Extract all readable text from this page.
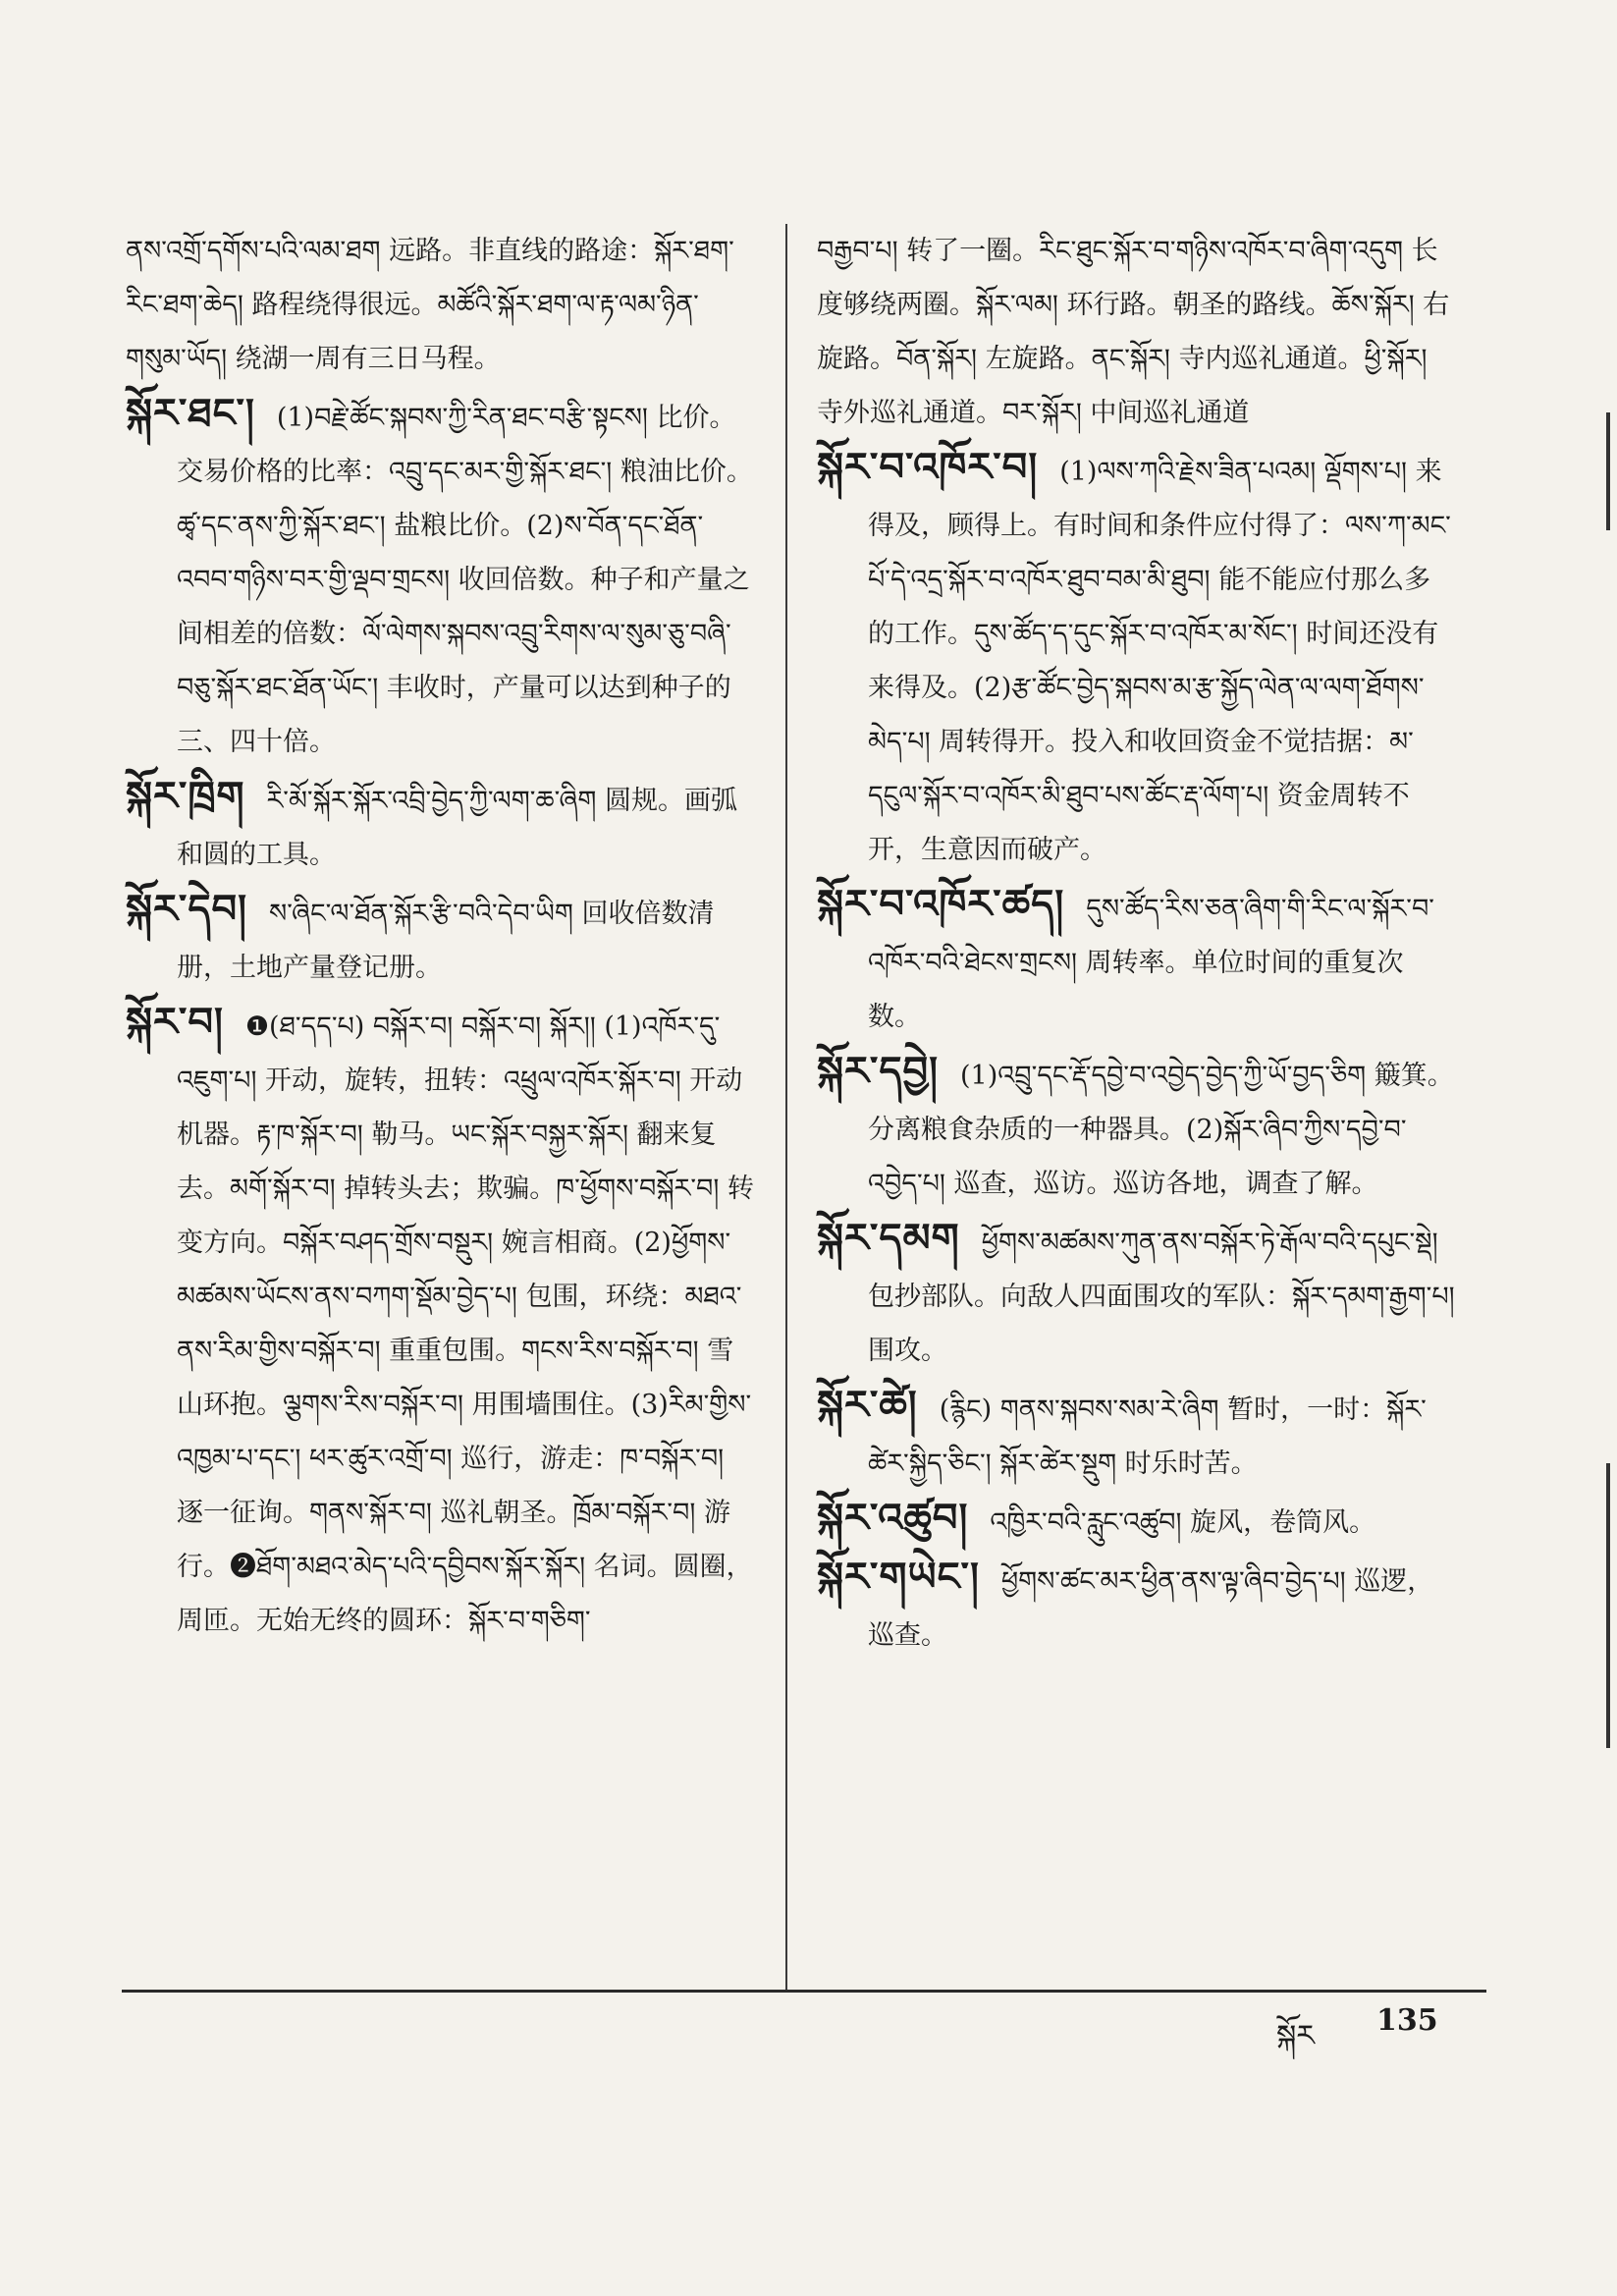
ནས་འགྲོ་དགོས་པའི་ལམ་ཐག 远路。非直线的路途：སྐོར་ཐག་རིང་ཐག་ཆེད། 路程绕得很远。མཚོའི་སྐོར་ཐག་ལ་རྟ་ལམ་ཉིན་གསུམ་ཡོད། 绕湖一周有三日马程。

སྐོར་ཐང་། (1)བརྗེ་ཚོང་སྐབས་ཀྱི་རིན་ཐང་བརྩི་སྟངས། 比价。交易价格的比率：འབྲུ་དང་མར་གྱི་སྐོར་ཐང་། 粮油比价。ཚྭ་དང་ནས་ཀྱི་སྐོར་ཐང་། 盐粮比价。(2)ས་བོན་དང་ཐོན་འབབ་གཉིས་བར་གྱི་ལྡབ་གྲངས། 收回倍数。种子和产量之间相差的倍数：ལོ་ལེགས་སྐབས་འབྲུ་རིགས་ལ་སུམ་ཅུ་བཞི་བཅུ་སྐོར་ཐང་ཐོན་ཡོང་། 丰收时，产量可以达到种子的三、四十倍。

སྐོར་ཁྲིག རི་མོ་སྐོར་སྐོར་འབྲི་བྱེད་ཀྱི་ལག་ཆ་ཞིག 圆规。画弧和圆的工具。

སྐོར་དེབ། ས་ཞིང་ལ་ཐོན་སྐོར་རྩི་བའི་དེབ་ཡིག 回收倍数清册，土地产量登记册。

སྐོར་བ། ❶(ཐ་དད་པ) བསྐོར་བ། བསྐོར་བ། སྐོར།། (1)འཁོར་དུ་འཇུག་པ། 开动，旋转，扭转：འཕྲུལ་འཁོར་སྐོར་བ། 开动机器。རྟ་ཁ་སྐོར་བ། 勒马。ཡང་སྐོར་བསྐྱར་སྐོར། 翻来复去。མགོ་སྐོར་བ། 掉转头去；欺骗。ཁ་ཕྱོགས་བསྐོར་བ། 转变方向。བསྐོར་བཤད་གྲོས་བསྡུར། 婉言相商。(2)ཕྱོགས་མཚམས་ཡོངས་ནས་བཀག་སྡོམ་བྱེད་པ། 包围，环绕：མཐའ་ནས་རིམ་གྱིས་བསྐོར་བ། 重重包围。གངས་རིས་བསྐོར་བ། 雪山环抱。ལྕགས་རིས་བསྐོར་བ། 用围墙围住。(3)རིམ་གྱིས་འཁྱམ་པ་དང་། ཕར་ཚུར་འགྲོ་བ། 巡行，游走：ཁ་བསྐོར་བ། 逐一征询。གནས་སྐོར་བ། 巡礼朝圣。ཁྲོམ་བསྐོར་བ། 游行。❷ཐོག་མཐའ་མེད་པའི་དབྱིབས་སྐོར་སྐོར། 名词。圆圈，周匝。无始无终的圆环：སྐོར་བ་གཅིག་

བརྒྱབ་པ། 转了一圈。རིང་ཐུང་སྐོར་བ་གཉིས་འཁོར་བ་ཞིག་འདུག 长度够绕两圈。སྐོར་ལམ། 环行路。朝圣的路线。ཆོས་སྐོར། 右旋路。བོན་སྐོར། 左旋路。ནང་སྐོར། 寺内巡礼通道。ཕྱི་སྐོར། 寺外巡礼通道。བར་སྐོར། 中间巡礼通道

སྐོར་བ་འཁོར་བ། (1)ལས་ཀའི་རྗེས་ཟིན་པའམ། ལྡོགས་པ། 来得及，顾得上。有时间和条件应付得了：ལས་ཀ་མང་པོ་དེ་འདྲ་སྐོར་བ་འཁོར་ཐུབ་བམ་མི་ཐུབ། 能不能应付那么多的工作。དུས་ཚོད་ད་དུང་སྐོར་བ་འཁོར་མ་སོང་། 时间还没有来得及。(2)རྩ་ཚོང་བྱེད་སྐབས་མ་རྩ་སྐྱོད་ལེན་ལ་ལག་ཐོགས་མེད་པ། 周转得开。投入和收回资金不觉拮据：མ་དངུལ་སྐོར་བ་འཁོར་མི་ཐུབ་པས་ཚོང་རྡ་ལོག་པ། 资金周转不开，生意因而破产。

སྐོར་བ་འཁོར་ཚད། དུས་ཚོད་རིས་ཅན་ཞིག་གི་རིང་ལ་སྐོར་བ་འཁོར་བའི་ཐེངས་གྲངས། 周转率。单位时间的重复次数。

སྐོར་དབྱེ། (1)འབྲུ་དང་རྡོ་དབྱེ་བ་འབྱེད་བྱེད་ཀྱི་ཡོ་བྱད་ཅིག 簸箕。分离粮食杂质的一种器具。(2)སྐོར་ཞིབ་ཀྱིས་དབྱེ་བ་འབྱེད་པ། 巡查，巡访。巡访各地，调查了解。

སྐོར་དམག ཕྱོགས་མཚམས་ཀུན་ནས་བསྐོར་ཏེ་རྒོལ་བའི་དཔུང་སྡེ། 包抄部队。向敌人四面围攻的军队：སྐོར་དམག་རྒྱག་པ། 围攻。

སྐོར་ཚེ། (རྙིང) གནས་སྐབས་སམ་རེ་ཞིག 暂时，一时：སྐོར་ཚེར་སྐྱིད་ཅིང་། སྐོར་ཚེར་སྡུག 时乐时苦。

སྐོར་འཚུབ། འཁྱིར་བའི་རླུང་འཚུབ། 旋风，卷筒风。

སྐོར་གཡེང་། ཕྱོགས་ཚང་མར་ཕྱིན་ནས་ལྟ་ཞིབ་བྱེད་པ། 巡逻，巡查。

སྐོར 135
